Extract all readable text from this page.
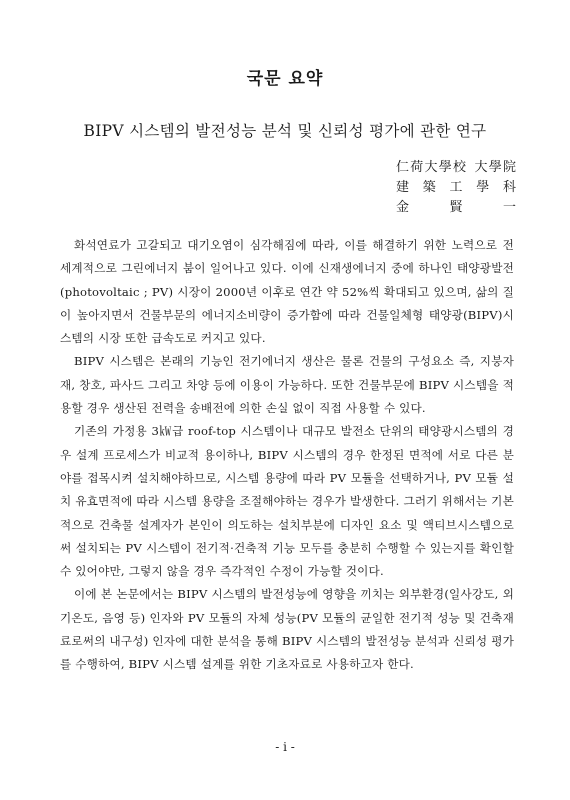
국문 요약
BIPV 시스템의 발전성능 분석 및 신뢰성 평가에 관한 연구
仁 荷 大 學 校 大 學 院
建 築 工 學 科
金	賢	一

화석연료가 고갈되고 대기오염이 심각해짐에 따라, 이를 해결하기 위한 노력으로 전 세계적으로 그린에너지 붐이 일어나고 있다. 이에 신재생에너지 중에 하나인 태양광발전(photovoltaic ; PV) 시장이 2000년 이후로 연간 약 52%씩 확대되고 있으며, 삶의 질이 높아지면서 건물부문의 에너지소비량이 증가함에 따라 건물일체형 태양광(BIPV)시스템의 시장 또한 급속도로 커지고 있다.

BIPV 시스템은 본래의 기능인 전기에너지 생산은 물론 건물의 구성요소 즉, 지붕자재, 창호, 파사드 그리고 차양 등에 이용이 가능하다. 또한 건물부문에 BIPV 시스템을 적용할 경우 생산된 전력을 송배전에 의한 손실 없이 직접 사용할 수 있다.

기존의 가정용 3㎾급 roof-top 시스템이나 대규모 발전소 단위의 태양광시스템의 경우 설계 프로세스가 비교적 용이하나, BIPV 시스템의 경우 한정된 면적에 서로 다른 분야를 접목시켜 설치해야하므로, 시스템 용량에 따라 PV 모듈을 선택하거나, PV 모듈 설치 유효면적에 따라 시스템 용량을 조절해야하는 경우가 발생한다. 그러기 위해서는 기본적으로 건축물 설계자가 본인이 의도하는 설치부분에 디자인 요소 및 액티브시스템으로써 설치되는 PV 시스템이 전기적·건축적 기능 모두를 충분히 수행할 수 있는지를 확인할 수 있어야만, 그렇지 않을 경우 즉각적인 수정이 가능할 것이다.

이에 본 논문에서는 BIPV 시스템의 발전성능에 영향을 끼치는 외부환경(일사강도, 외기온도, 음영 등) 인자와 PV 모듈의 자체 성능(PV 모듈의 균일한 전기적 성능 및 건축재료로써의 내구성) 인자에 대한 분석을 통해 BIPV 시스템의 발전성능 분석과 신뢰성 평가를 수행하여, BIPV 시스템 설계를 위한 기초자료로 사용하고자 한다.

- i -
